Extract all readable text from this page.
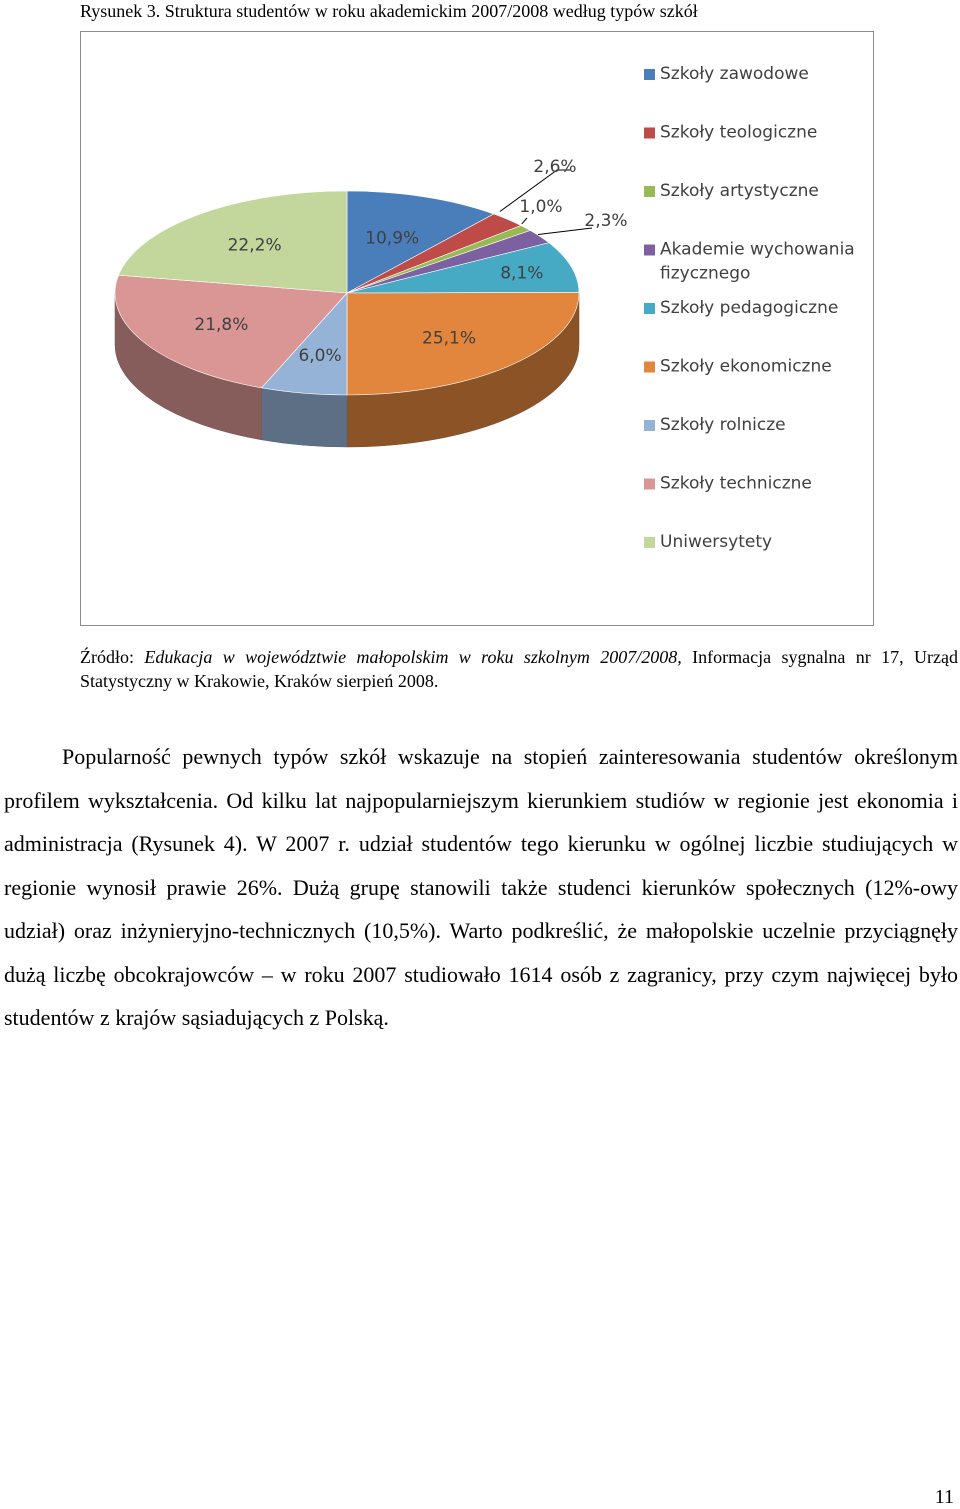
Rysunek 3. Struktura studentów w roku akademickim 2007/2008 według typów szkół
10,9%
2,6%
1,0%
2,3%
8,1%
25,1%
6,0%
21,8%
22,2%
Szkoły zawodowe
Szkoły teologiczne
Szkoły artystyczne
Akademie wychowania fizycznego
Szkoły pedagogiczne
Szkoły ekonomiczne
Szkoły rolnicze
Szkoły techniczne
Uniwersytety
Źródło: Edukacja w województwie małopolskim w roku szkolnym 2007/2008, Informacja sygnalna nr 17, Urząd Statystyczny w Krakowie, Kraków sierpień 2008.
Popularność pewnych typów szkół wskazuje na stopień zainteresowania studentów określonym profilem wykształcenia. Od kilku lat najpopularniejszym kierunkiem studiów w regionie jest ekonomia i administracja (Rysunek 4). W 2007 r. udział studentów tego kierunku w ogólnej liczbie studiujących w regionie wynosił prawie 26%. Dużą grupę stanowili także studenci kierunków społecznych (12%-owy udział) oraz inżynieryjno-technicznych (10,5%). Warto podkreślić, że małopolskie uczelnie przyciągnęły dużą liczbę obcokrajowców – w roku 2007 studiowało 1614 osób z zagranicy, przy czym najwięcej było studentów z krajów sąsiadujących z Polską.
11
